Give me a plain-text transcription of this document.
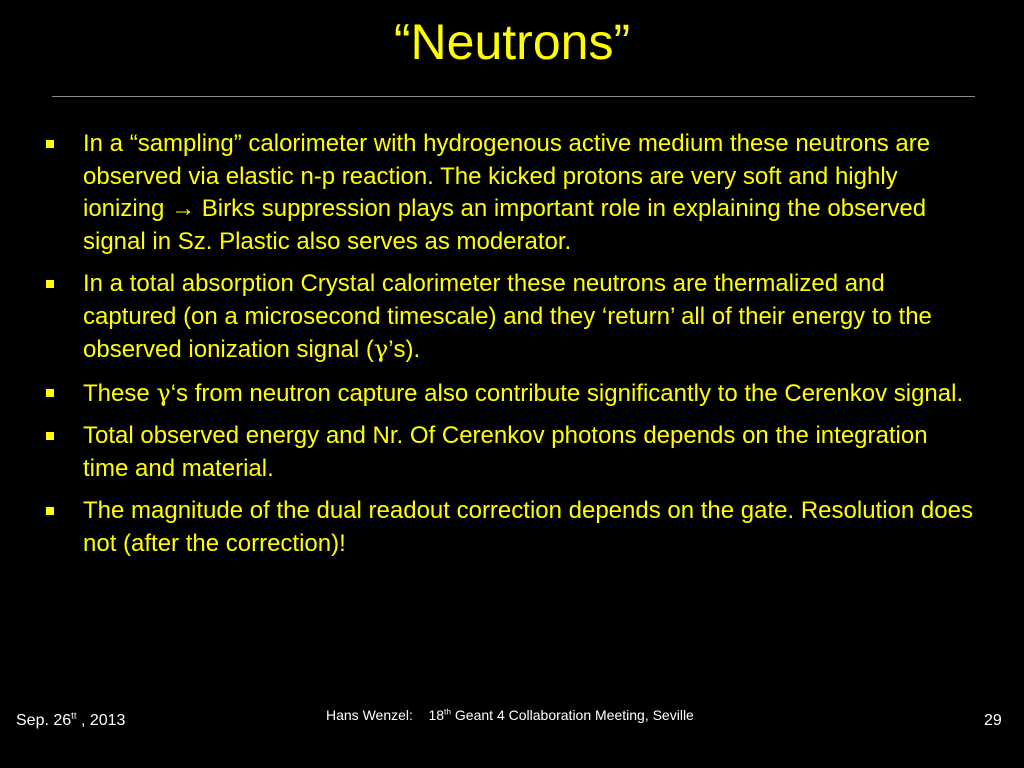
“Neutrons”
In a “sampling” calorimeter with hydrogenous active medium these neutrons are observed via elastic n-p reaction. The kicked protons are very soft and highly ionizing → Birks suppression plays an important role in explaining the observed signal in Sz. Plastic also serves as moderator.
In a total absorption Crystal calorimeter these neutrons are thermalized and captured (on a microsecond timescale) and they ‘return’ all of their energy to the observed ionization signal (γ’s).
These γ‘s from neutron capture also contribute significantly to the Cerenkov signal.
Total observed energy and Nr. Of Cerenkov photons depends on the integration time and material.
The magnitude of the dual readout correction depends on the gate. Resolution does not (after the correction)!
Sep. $26^{tt}$ , 2013	Hans Wenzel:    18th Geant 4 Collaboration Meeting, Seville	29
